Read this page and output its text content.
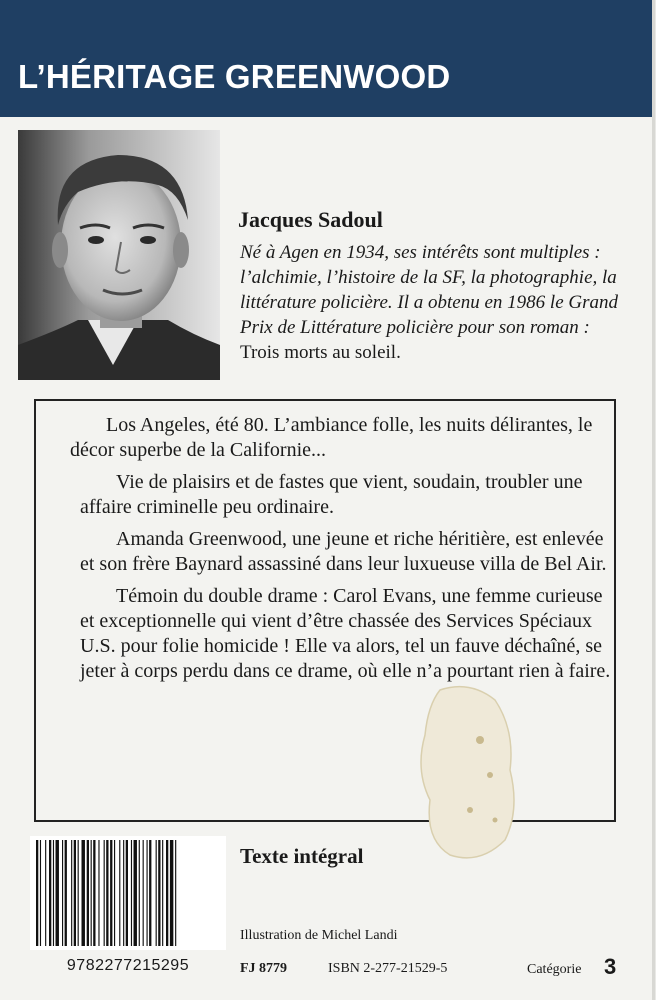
L’HÉRITAGE GREENWOOD
Jacques Sadoul
Né à Agen en 1934, ses intérêts sont multiples : l’alchimie, l’histoire de la SF, la photographie, la littérature policière. Il a obtenu en 1986 le Grand Prix de Littérature policière pour son roman :
Trois morts au soleil.

Los Angeles, été 80. L’ambiance folle, les nuits délirantes, le décor superbe de la Californie...

Vie de plaisirs et de fastes que vient, soudain, troubler une affaire criminelle peu ordinaire.

Amanda Greenwood, une jeune et riche héritière, est enlevée et son frère Baynard assassiné dans leur luxueuse villa de Bel Air.

Témoin du double drame : Carol Evans, une femme curieuse et exceptionnelle qui vient d’être chassée des Services Spéciaux U.S. pour folie homicide ! Elle va alors, tel un fauve déchaîné, se jeter à corps perdu dans ce drame, où elle n’a pourtant rien à faire.

9782277215295
Texte intégral
Illustration de Michel Landi
FJ 8779	ISBN 2-277-21529-5	Catégorie 3
